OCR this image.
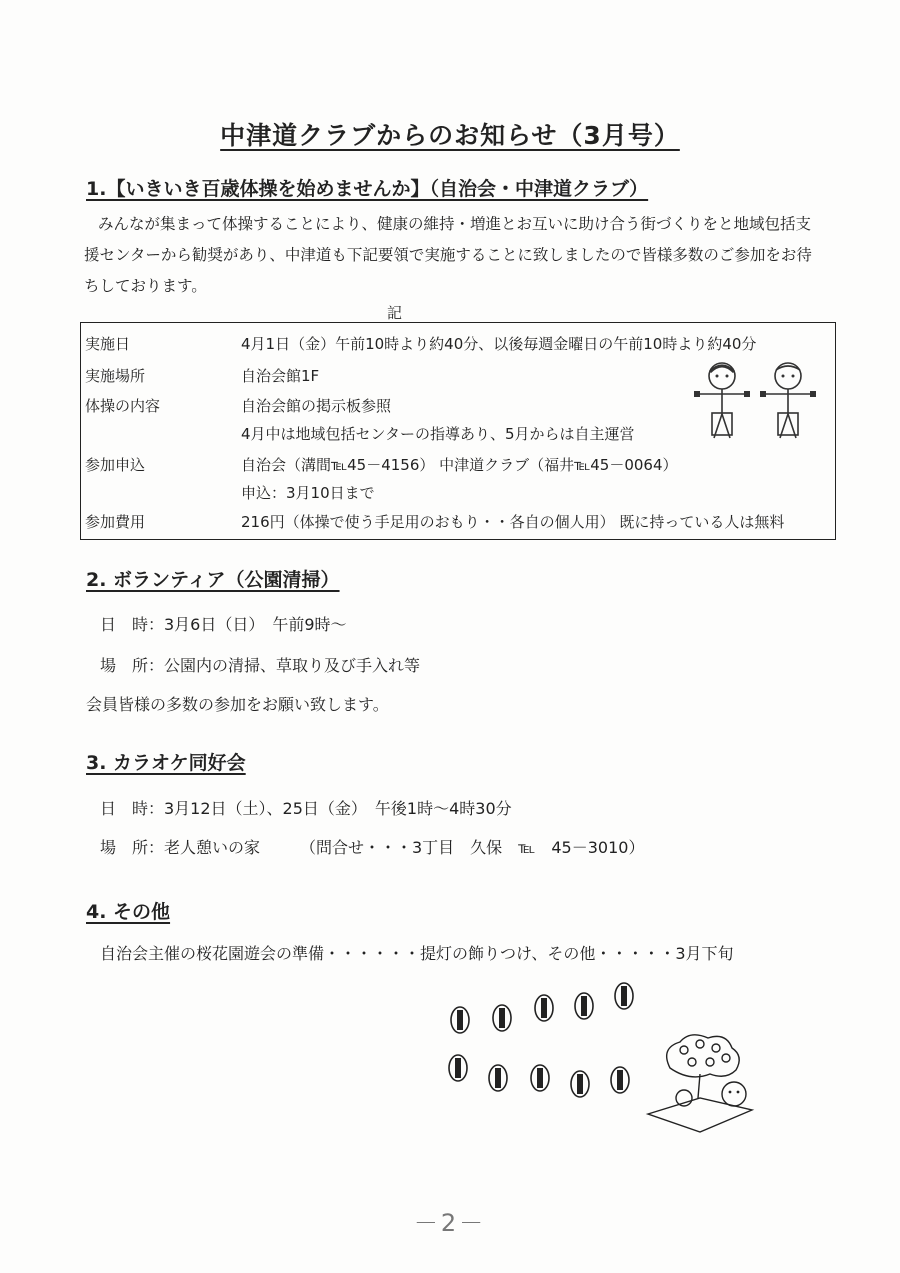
中津道クラブからのお知らせ（3月号）
1.【いきいき百歳体操を始めませんか】（自治会・中津道クラブ）
みんなが集まって体操することにより、健康の維持・増進とお互いに助け合う街づくりをと地域包括支援センターから勧奨があり、中津道も下記要領で実施することに致しましたので皆様多数のご参加をお待ちしております。
記
実施日	4月1日（金）午前10時より約40分、以後毎週金曜日の午前10時より約40分
実施場所	自治会館1F
体操の内容	自治会館の掲示板参照
4月中は地域包括センターの指導あり、5月からは自主運営
参加申込	自治会（溝間℡45－4156） 中津道クラブ（福井℡45－0064）
申込：3月10日まで
参加費用	216円（体操で使う手足用のおもり・・各自の個人用） 既に持っている人は無料
2. ボランティア（公園清掃）
日　時：3月6日（日）　午前9時～
場　所：公園内の清掃、草取り及び手入れ等
会員皆様の多数の参加をお願い致します。
3. カラオケ同好会
日　時：3月12日（土）、25日（金）　午後1時～4時30分
場　所：老人憩いの家　　　（問合せ・・・3丁目　久保　℡　45－3010）
4. その他
自治会主催の桜花園遊会の準備・・・・・・提灯の飾りつけ、その他・・・・・3月下旬
－2－
